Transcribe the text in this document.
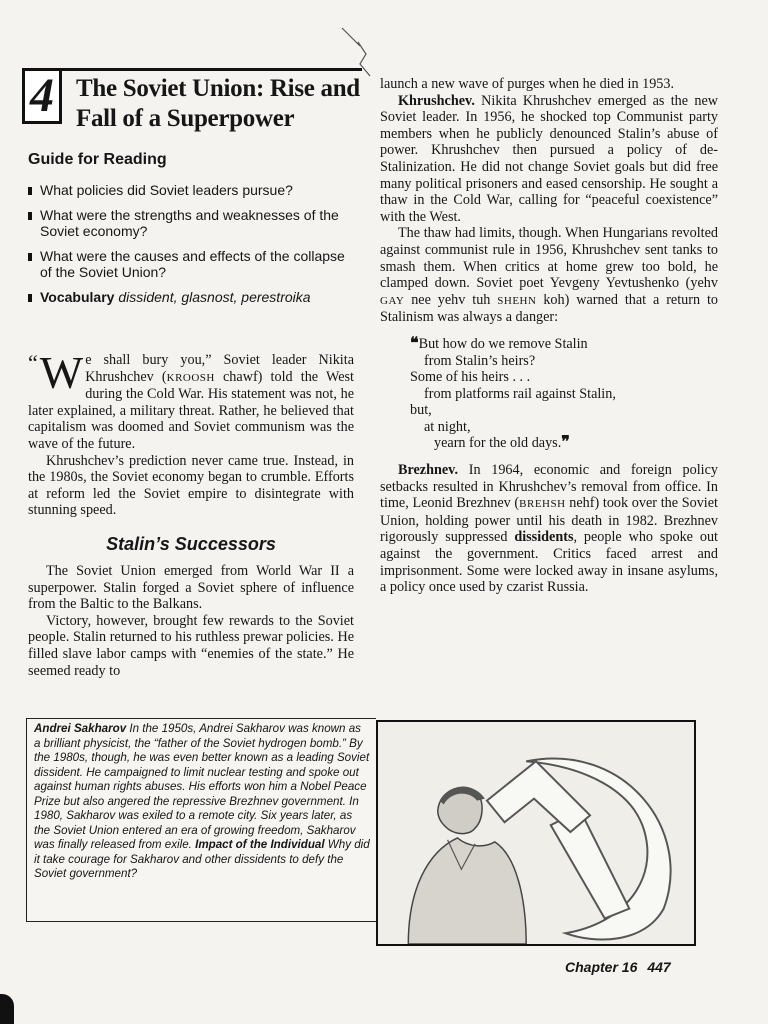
4 The Soviet Union: Rise and Fall of a Superpower
Guide for Reading
What policies did Soviet leaders pursue?
What were the strengths and weaknesses of the Soviet economy?
What were the causes and effects of the collapse of the Soviet Union?
Vocabulary dissident, glasnost, perestroika

“ W e shall bury you,” Soviet leader Nikita Khrushchev (KROOSH chawf) told the West during the Cold War. His statement was not, he later explained, a military threat. Rather, he believed that capitalism was doomed and Soviet communism was the wave of the future.

Khrushchev’s prediction never came true. Instead, in the 1980s, the Soviet economy began to crumble. Efforts at reform led the Soviet empire to disintegrate with stunning speed.

Stalin’s Successors

The Soviet Union emerged from World War II a superpower. Stalin forged a Soviet sphere of influence from the Baltic to the Balkans.

Victory, however, brought few rewards to the Soviet people. Stalin returned to his ruthless prewar policies. He filled slave labor camps with “enemies of the state.” He seemed ready to

launch a new wave of purges when he died in 1953.

Khrushchev. Nikita Khrushchev emerged as the new Soviet leader. In 1956, he shocked top Communist party members when he publicly denounced Stalin’s abuse of power. Khrushchev then pursued a policy of de-Stalinization. He did not change Soviet goals but did free many political prisoners and eased censorship. He sought a thaw in the Cold War, calling for “peaceful coexistence” with the West.

The thaw had limits, though. When Hungarians revolted against communist rule in 1956, Khrushchev sent tanks to smash them. When critics at home grew too bold, he clamped down. Soviet poet Yevgeny Yevtushenko (yehv GAY nee yehv tuh SHEHN koh) warned that a return to Stalinism was always a danger:

❝But how do we remove Stalin
from Stalin’s heirs?
Some of his heirs . . .
from platforms rail against Stalin,
but,
at night,
yearn for the old days.❞

Brezhnev. In 1964, economic and foreign policy setbacks resulted in Khrushchev’s removal from office. In time, Leonid Brezhnev (BREHSH nehf) took over the Soviet Union, holding power until his death in 1982. Brezhnev rigorously suppressed dissidents, people who spoke out against the government. Critics faced arrest and imprisonment. Some were locked away in insane asylums, a policy once used by czarist Russia.

Andrei Sakharov In the 1950s, Andrei Sakharov was known as a brilliant physicist, the “father of the Soviet hydrogen bomb.” By the 1980s, though, he was even better known as a leading Soviet dissident. He campaigned to limit nuclear testing and spoke out against human rights abuses. His efforts won him a Nobel Peace Prize but also angered the repressive Brezhnev government. In 1980, Sakharov was exiled to a remote city. Six years later, as the Soviet Union entered an era of growing freedom, Sakharov was finally released from exile. Impact of the Individual Why did it take courage for Sakharov and other dissidents to defy the Soviet government?

Chapter 16 447
